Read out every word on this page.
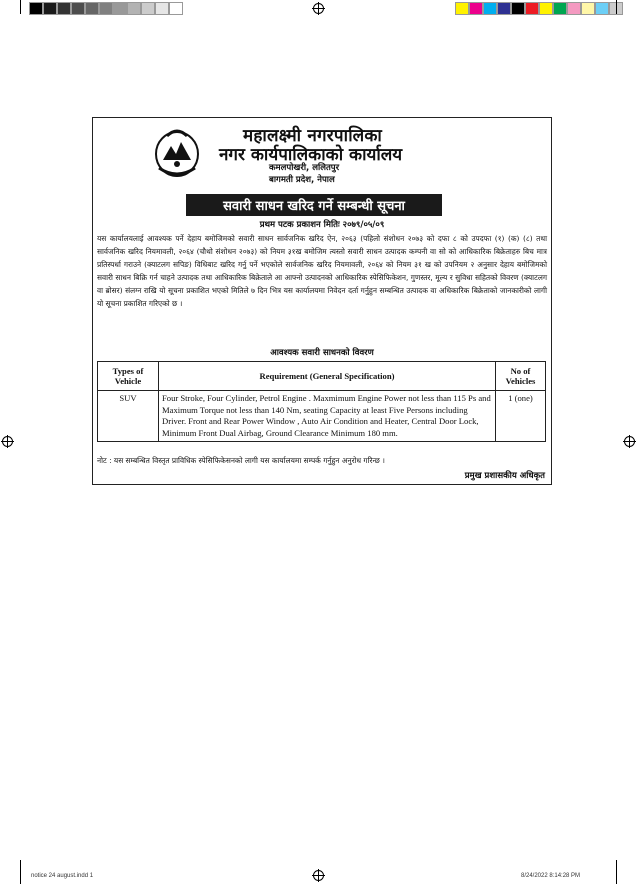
notice 24 august.indd 1	8/24/2022 8:14:28 PM
महालक्ष्मी नगरपालिका
नगर कार्यपालिकाको कार्यालय
कमलपोखरी, ललितपुर
बागमती प्रदेश, नेपाल
सवारी साधन खरिद गर्ने सम्बन्धी सूचना
प्रथम पटक प्रकाशन मितिः २०७९/०५/०९
यस कार्यालयलाई आवश्यक पर्ने देहाय बमोजिमको सवारी साधन सार्वजनिक खरिद ऐन, २०६३ (पहिलो संशोधन २०७३ को दफा ८ को उपदफा (१) (क) (८) तथा सार्वजनिक खरिद नियमावली, २०६४ (चौथो संशोधन २०७३) को नियम ३१ख बमोजिम त्यस्तो सवारी साधन उत्पादक कम्पनी वा सो को आधिकारिक बिक्रेताहरु बिच मात्र प्रतिस्पर्धा गराउने (क्याटलग सपिङ) विधिबाट खरिद गर्नु पर्ने भएकोले सार्वजनिक खरिद नियमावली, २०६४ को नियम ३१ ख को उपनियम २ अनुसार देहाय बमोजिमको सवारी साधन बिक्रि गर्न चाहने उत्पादक तथा आधिकारिक बिक्रेताले आ आफ्नो उत्पादनको आधिकारिक स्पेसिफिकेशन, गुणस्तर, मूल्य र सुविधा सहितको विवरण (क्याटलग वा ब्रोसर) संलग्न राखि यो सूचना प्रकाशित भएको मितिले ७ दिन भित्र यस कार्यालयमा निवेदन दर्ता गर्नुहुन सम्बन्धित उत्पादक वा अधिकारिक बिक्रेताको जानकारीको लागी यो सूचना प्रकाशित गरिएको छ ।
आवश्यक सवारी साधनको विवरण
Types of Vehicle	Requirement (General Specification)	No of Vehicles
SUV	Four Stroke, Four Cylinder, Petrol Engine . Maxmimum Engine Power not less than 115 Ps and Maximum Torque not less than 140 Nm, seating Capacity at least Five Persons including Driver. Front and Rear Power Window , Auto Air Condition and Heater, Central Door Lock, Minimum Front Dual Airbag, Ground Clearance Minimum 180 mm.	1 (one)
नोट : यस सम्बन्धित विस्तृत प्राविधिक स्पेसिफिकेसनको लागी यस कार्यालयमा सम्पर्क गर्नुहुन अनुरोध गरिन्छ ।
प्रमुख प्रशासकीय अधिकृत
